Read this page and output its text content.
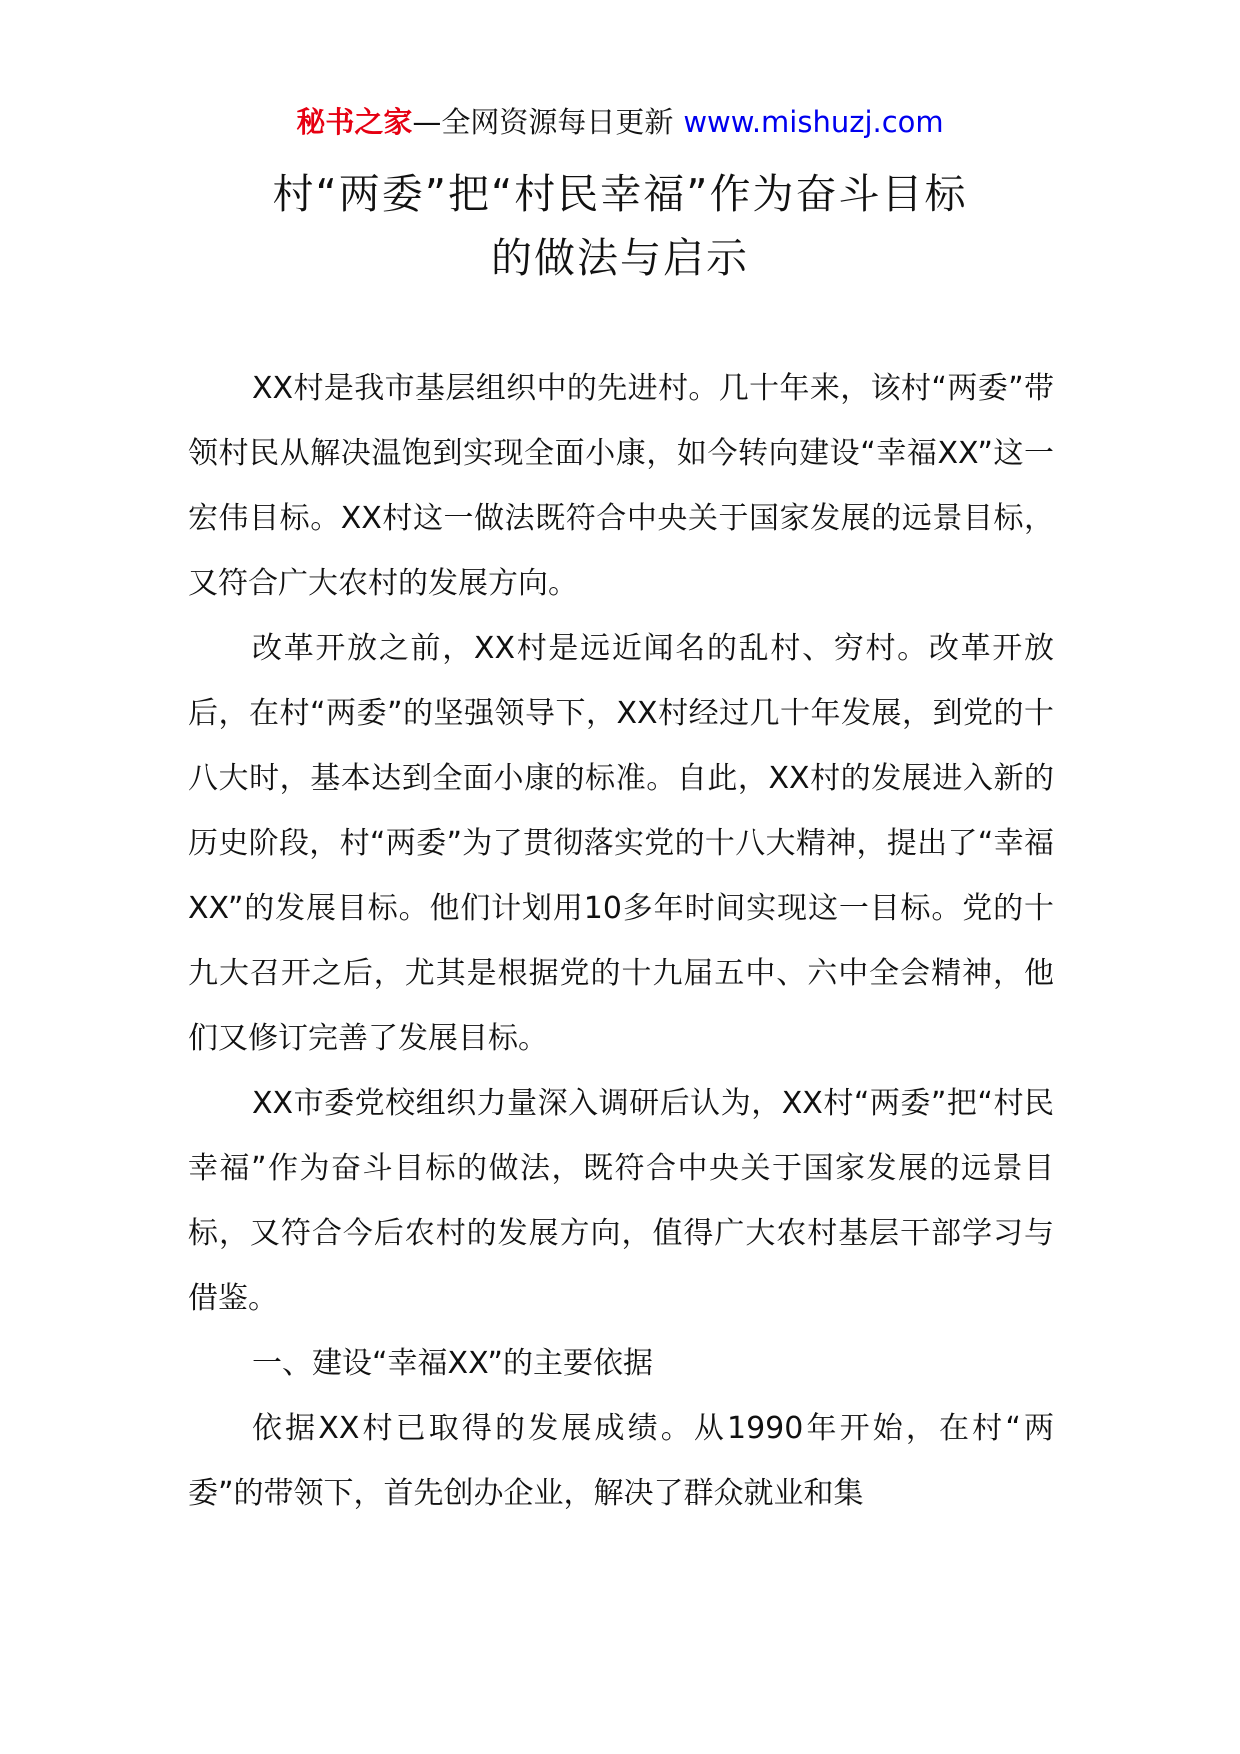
秘书之家—全网资源每日更新 www.mishuzj.com
村“两委”把“村民幸福”作为奋斗目标
的做法与启示

XX村是我市基层组织中的先进村。几十年来，该村“两委”带领村民从解决温饱到实现全面小康，如今转向建设“幸福XX”这一宏伟目标。XX村这一做法既符合中央关于国家发展的远景目标，又符合广大农村的发展方向。

改革开放之前，XX村是远近闻名的乱村、穷村。改革开放后，在村“两委”的坚强领导下，XX村经过几十年发展，到党的十八大时，基本达到全面小康的标准。自此，XX村的发展进入新的历史阶段，村“两委”为了贯彻落实党的十八大精神，提出了“幸福XX”的发展目标。他们计划用10多年时间实现这一目标。党的十九大召开之后，尤其是根据党的十九届五中、六中全会精神，他们又修订完善了发展目标。

XX市委党校组织力量深入调研后认为，XX村“两委”把“村民幸福”作为奋斗目标的做法，既符合中央关于国家发展的远景目标，又符合今后农村的发展方向，值得广大农村基层干部学习与借鉴。

一、建设“幸福XX”的主要依据

依据XX村已取得的发展成绩。从1990年开始，在村“两委”的带领下，首先创办企业，解决了群众就业和集
